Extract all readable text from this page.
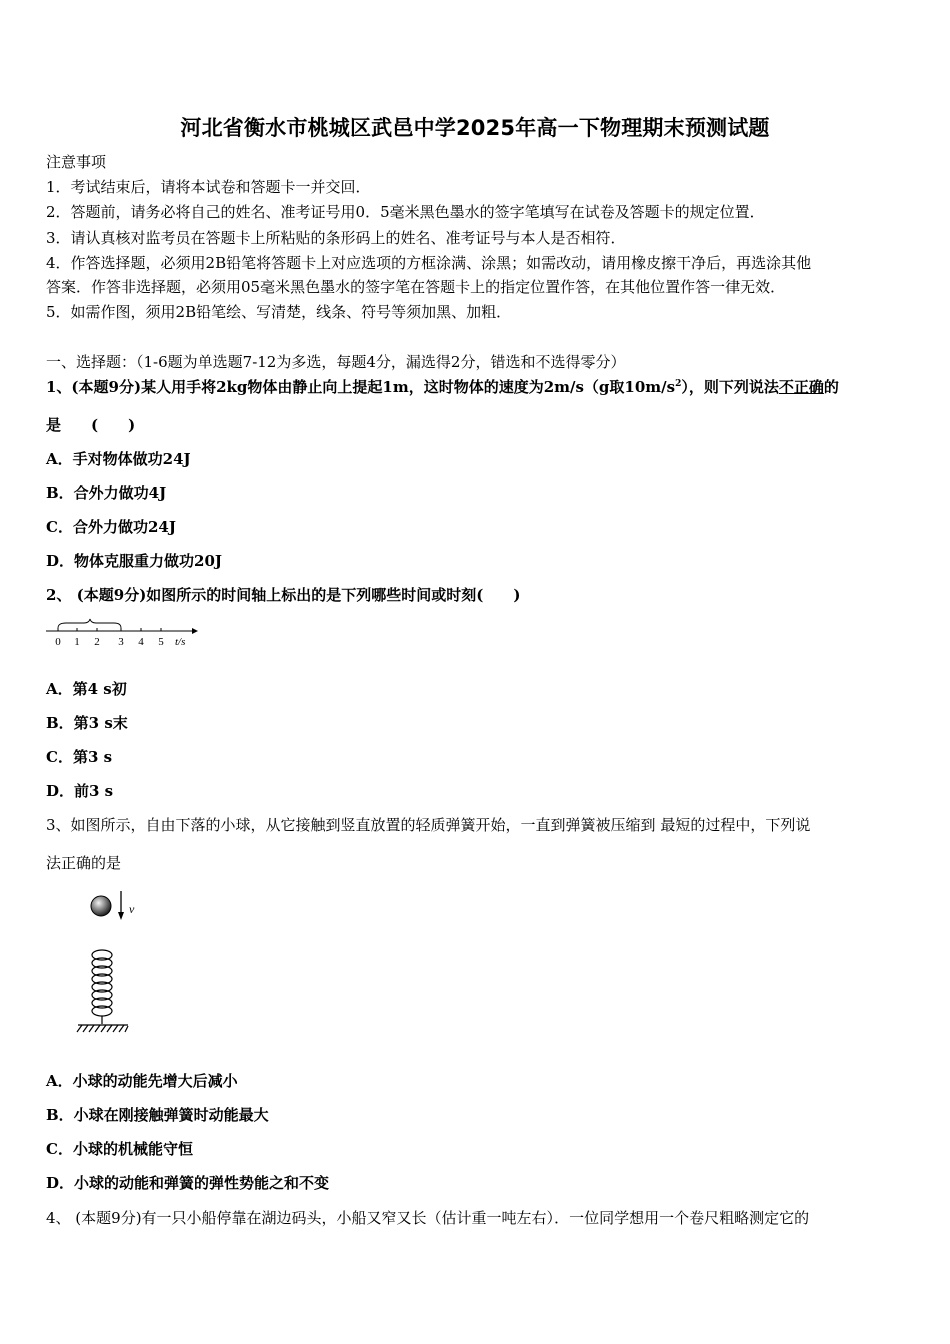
河北省衡水市桃城区武邑中学2025年高一下物理期末预测试题
注意事项
1．考试结束后，请将本试卷和答题卡一并交回．
2．答题前，请务必将自己的姓名、准考证号用0．5毫米黑色墨水的签字笔填写在试卷及答题卡的规定位置．
3．请认真核对监考员在答题卡上所粘贴的条形码上的姓名、准考证号与本人是否相符．
4．作答选择题，必须用2B铅笔将答题卡上对应选项的方框涂满、涂黑；如需改动，请用橡皮擦干净后，再选涂其他
答案．作答非选择题，必须用05毫米黑色墨水的签字笔在答题卡上的指定位置作答，在其他位置作答一律无效．
5．如需作图，须用2B铅笔绘、写清楚，线条、符号等须加黑、加粗．
一、选择题：（1-6题为单选题7-12为多选，每题4分，漏选得2分，错选和不选得零分）
1、(本题9分)某人用手将2kg物体由静止向上提起1m，这时物体的速度为2m/s（g取$10m/s^2$），则下列说法不正确的
是　　(　　)
A．手对物体做功24J
B．合外力做功4J
C．合外力做功24J
D．物体克服重力做功20J
2、 (本题9分)如图所示的时间轴上标出的是下列哪些时间或时刻(　　)
0 1 2 3 4 5 t/s
A．第4 s初
B．第3 s末
C．第3 s
D．前3 s
3、如图所示，自由下落的小球，从它接触到竖直放置的轻质弹簧开始，一直到弹簧被压缩到 最短的过程中，下列说
法正确的是
v
A．小球的动能先增大后减小
B．小球在刚接触弹簧时动能最大
C．小球的机械能守恒
D．小球的动能和弹簧的弹性势能之和不变
4、 (本题9分)有一只小船停靠在湖边码头，小船又窄又长（估计重一吨左右）．一位同学想用一个卷尺粗略测定它的
